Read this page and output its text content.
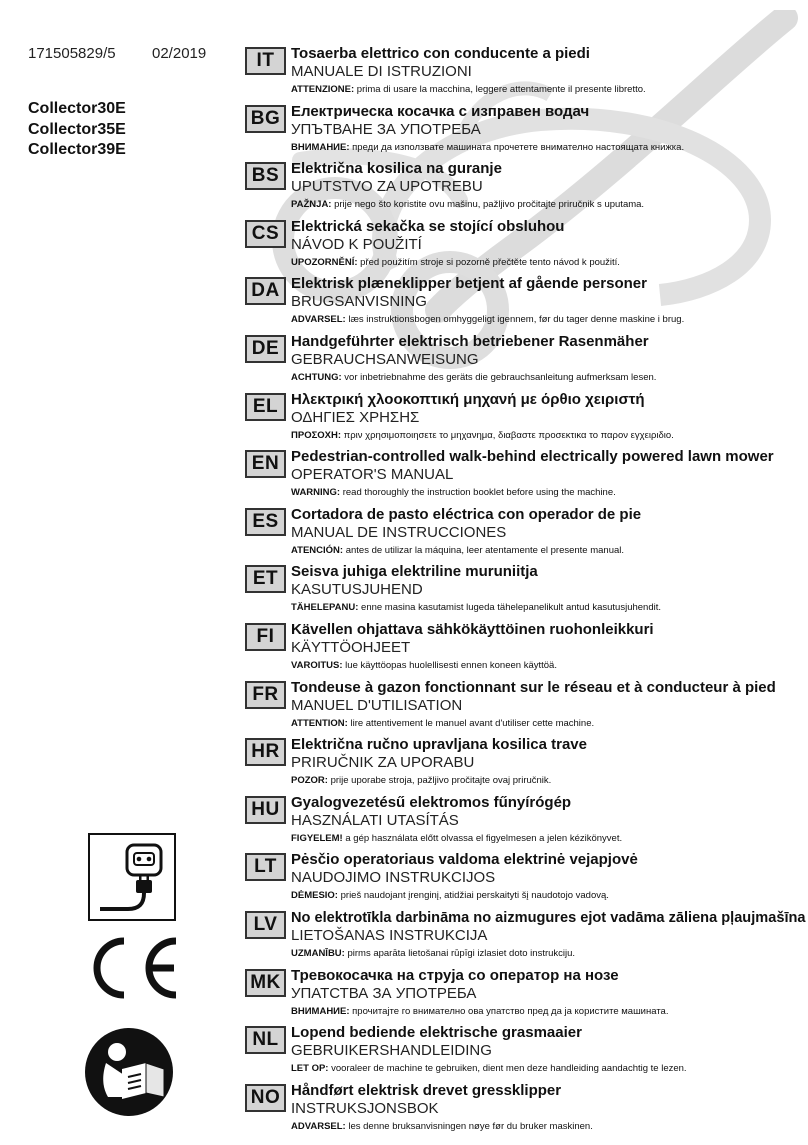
171505829/5 02/2019
Collector30E
Collector35E
Collector39E
IT	Tosaerba elettrico con conducente a piedi
MANUALE DI ISTRUZIONI
ATTENZIONE: prima di usare la macchina, leggere attentamente il presente libretto.
BG Електрическа косачка с изправен водач
УПЪТВАНЕ ЗА УПОТРЕБА
ВНИМАНИЕ: преди да използвате машината прочетете внимателно настоящата книжка.
BS Električna kosilica na guranje
UPUTSTVO ZA UPOTREBU
PAŽNJA: prije nego što koristite ovu mašinu, pažljivo pročitajte priručnik s uputama.
CS Elektrická sekačka se stojící obsluhou
NÁVOD K POUŽITÍ
UPOZORNĚNÍ: před použitím stroje si pozorně přečtěte tento návod k použití.
DA Elektrisk plæneklipper betjent af gående personer
BRUGSANVISNING
ADVARSEL: læs instruktionsbogen omhyggeligt igennem, før du tager denne maskine i brug.
DE Handgeführter elektrisch betriebener Rasenmäher
GEBRAUCHSANWEISUNG
ACHTUNG: vor inbetriebnahme des geräts die gebrauchsanleitung aufmerksam lesen.
EL Ηλεκτρική χλοοκοπτική μηχανή με όρθιο χειριστή
ΟΔΗΓΙΕΣ ΧΡΗΣΗΣ
ΠΡΟΣΟΧΗ: πριν χρησιμοποιησετε το μηχανημα, διαβαστε προσεκτικα το παρον εγχειριδιο.
EN Pedestrian-controlled walk-behind electrically powered lawn mower
OPERATOR'S MANUAL
WARNING: read thoroughly the instruction booklet before using the machine.
ES Cortadora de pasto eléctrica con operador de pie
MANUAL DE INSTRUCCIONES
ATENCIÓN: antes de utilizar la máquina, leer atentamente el presente manual.
ET Seisva juhiga elektriline muruniitja
KASUTUSJUHEND
TÄHELEPANU: enne masina kasutamist lugeda tähelepanelikult antud kasutusjuhendit.
FI	Kävellen ohjattava sähkökäyttöinen ruohonleikkuri
KÄYTTÖOHJEET
VAROITUS: lue käyttöopas huolellisesti ennen koneen käyttöä.
FR Tondeuse à gazon fonctionnant sur le réseau et à conducteur à pied
MANUEL D'UTILISATION
ATTENTION: lire attentivement le manuel avant d'utiliser cette machine.
HR Električna ručno upravljana kosilica trave
PRIRUČNIK ZA UPORABU
POZOR: prije uporabe stroja, pažljivo pročitajte ovaj priručnik.
HU Gyalogvezetésű elektromos fűnyírógép
HASZNÁLATI UTASÍTÁS
FIGYELEM! a gép használata előtt olvassa el figyelmesen a jelen kézikönyvet.
LT Pėsčio operatoriaus valdoma elektrinė vejapjovė
NAUDOJIMO INSTRUKCIJOS
DĖMESIO: prieš naudojant įrenginį, atidžiai perskaityti šį naudotojo vadovą.
LV No elektrotīkla darbināma no aizmugures ejot vadāma zāliena pļaujmašīna
LIETOŠANAS INSTRUKCIJA
UZMANĪBU: pirms aparāta lietošanai rūpīgi izlasiet doto instrukciju.
MK Тревокосачка на струја со оператор на нозе
УПАТСТВА ЗА УПОТРЕБА
ВНИМАНИЕ: прочитајте го внимателно ова упатство пред да ја користите машината.
NL Lopend bediende elektrische grasmaaier
GEBRUIKERSHANDLEIDING
LET OP: vooraleer de machine te gebruiken, dient men deze handleiding aandachtig te lezen.
NO Håndført elektrisk drevet gressklipper
INSTRUKSJONSBOK
ADVARSEL: les denne bruksanvisningen nøye før du bruker maskinen.
